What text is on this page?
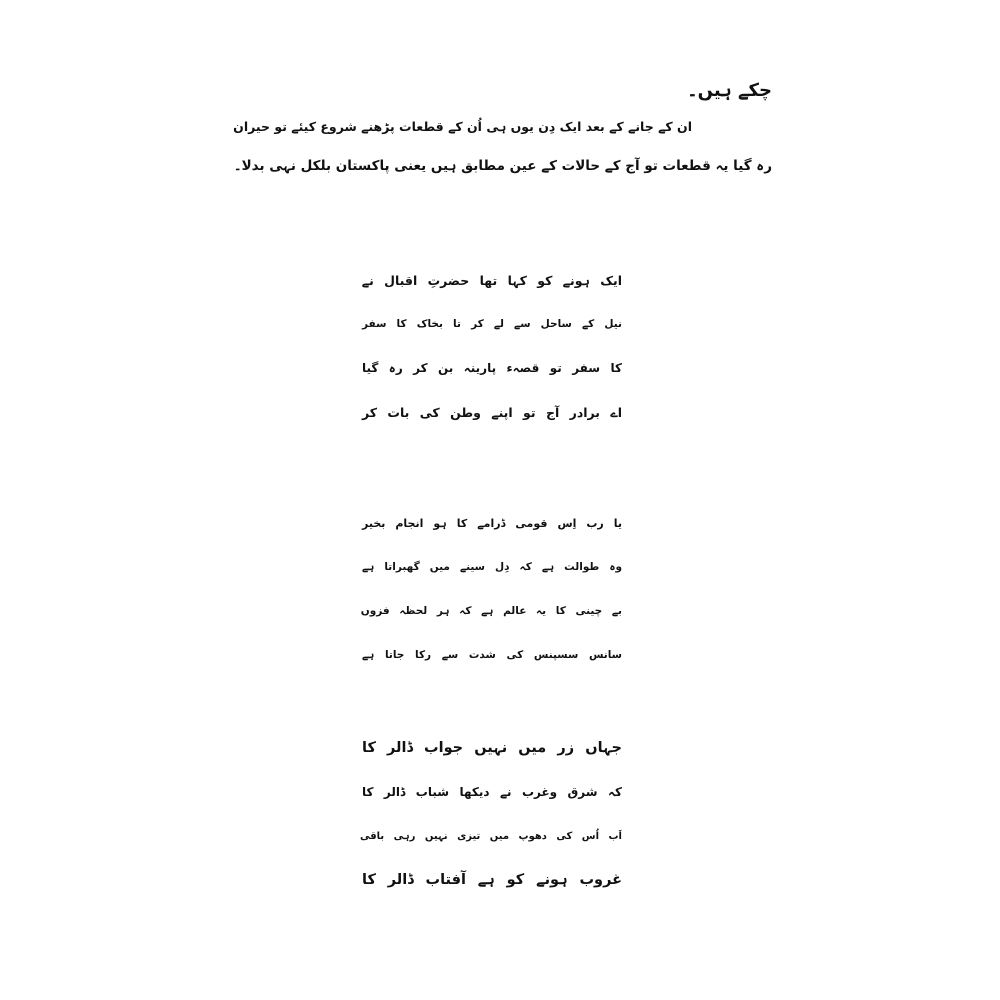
چکے ہیں۔
ان کے جانے کے بعد ایک دِن یوں ہی اُن کے قطعات پڑھنے شروع کیئے تو حیران
رہ گیا یہ قطعات تو آج کے حالات کے عین مطابق ہیں یعنی پاکستان بلکل نہی بدلا۔
ایک ہونے کو کہا تھا حضرتِ اقبال نے
نیل کے ساحل سے لے کر تا بخاک کا سفر
کا سفر تو قصہء پارینہ بن کر رہ گیا
اے برادر آج تو اپنے وطن کی بات کر
یا رب اِس قومی ڈرامے کا ہو انجام بخیر
وہ طوالت ہے کہ دِل سینے میں گھبراتا ہے
بے چینی کا یہ عالم ہے کہ ہر لحظہ فزوں
سانس سسپنس کی شدت سے رکا جاتا ہے
جہاں زر میں نہیں جواب ڈالر کا
کہ شرق وغرب نے دیکھا شباب ڈالر کا
اَب اُس کی دھوپ میں تیزی نہیں رہی باقی
غروب ہونے کو ہے آفتاب ڈالر کا
